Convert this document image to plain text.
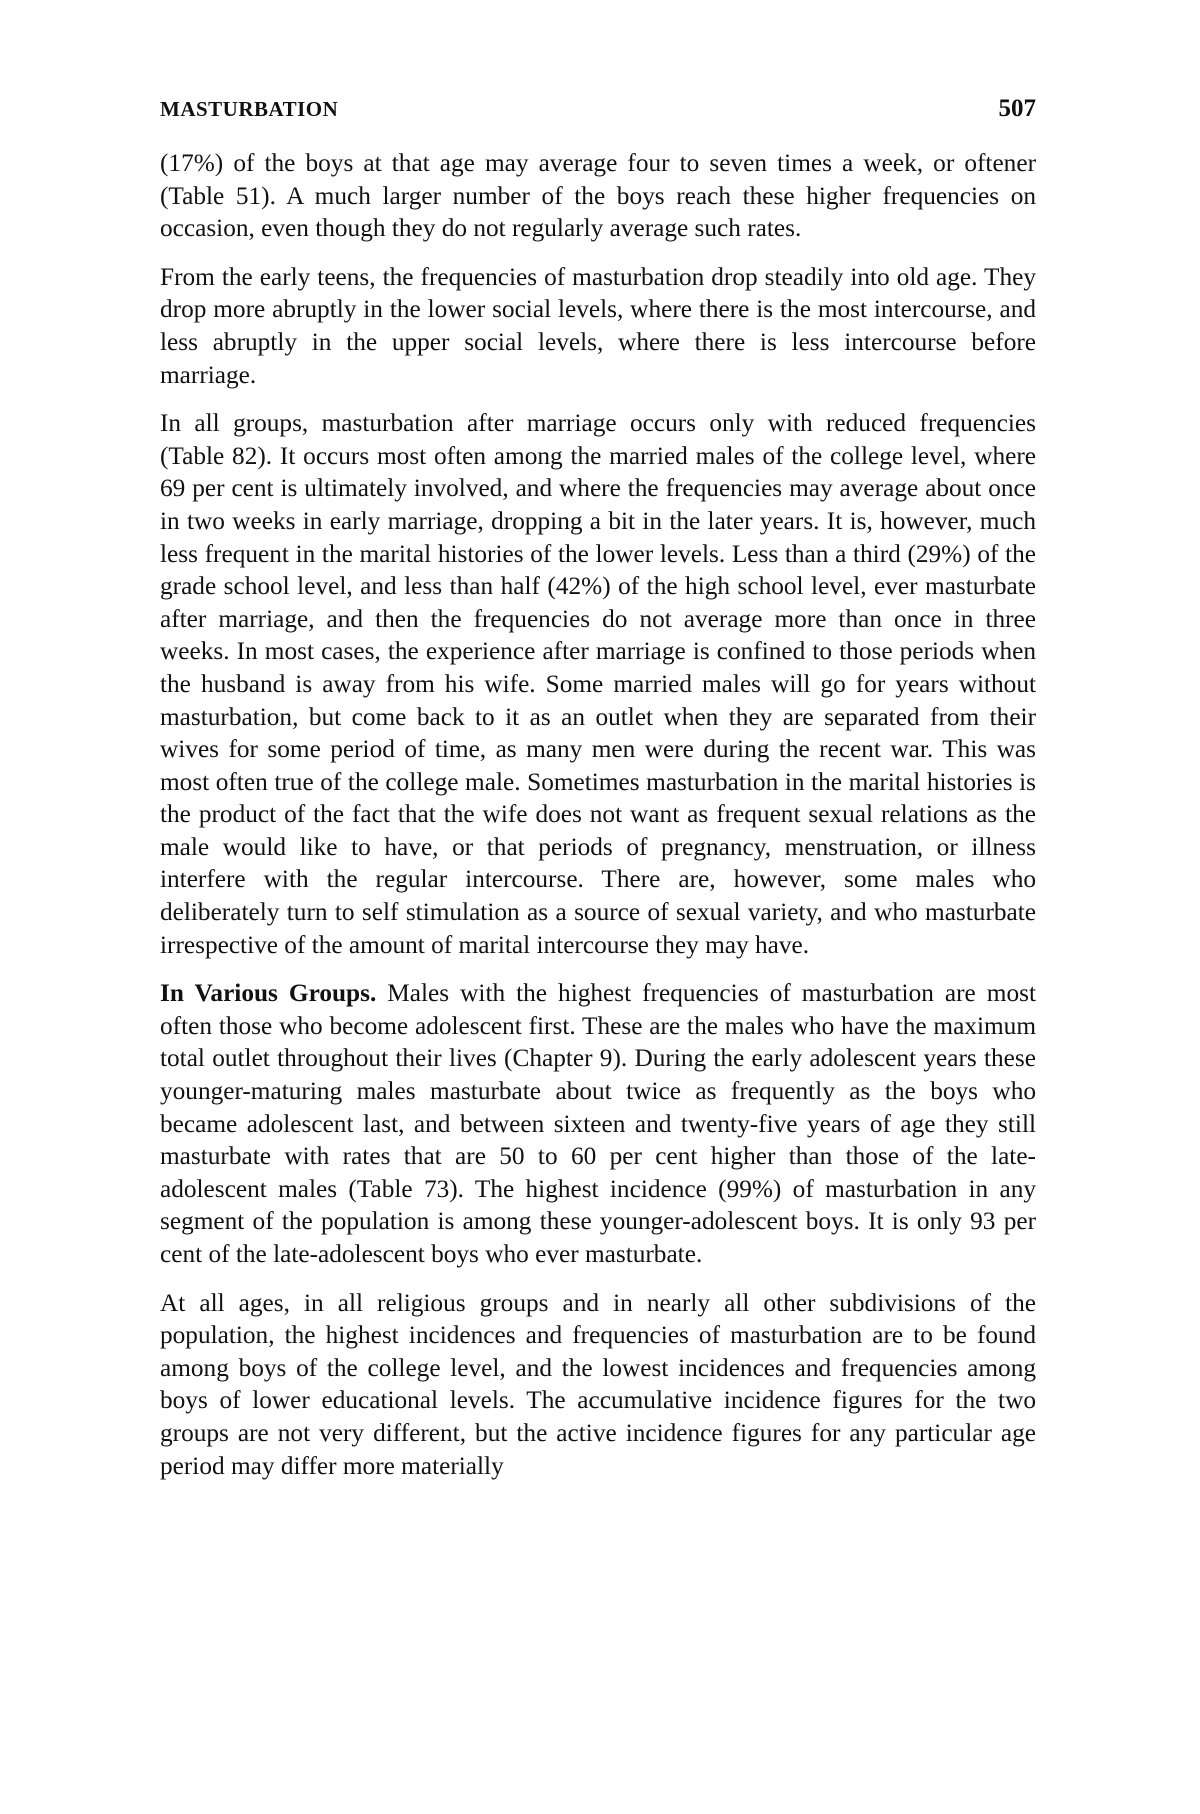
MASTURBATION	507

(17%) of the boys at that age may average four to seven times a week, or oftener (Table 51). A much larger number of the boys reach these higher frequencies on occasion, even though they do not regularly average such rates.

From the early teens, the frequencies of masturbation drop steadily into old age. They drop more abruptly in the lower social levels, where there is the most intercourse, and less abruptly in the upper social levels, where there is less intercourse before marriage.

In all groups, masturbation after marriage occurs only with reduced frequencies (Table 82). It occurs most often among the married males of the college level, where 69 per cent is ultimately involved, and where the frequencies may average about once in two weeks in early marriage, dropping a bit in the later years. It is, however, much less frequent in the marital histories of the lower levels. Less than a third (29%) of the grade school level, and less than half (42%) of the high school level, ever masturbate after marriage, and then the frequencies do not average more than once in three weeks. In most cases, the experience after marriage is confined to those periods when the husband is away from his wife. Some married males will go for years without masturbation, but come back to it as an outlet when they are separated from their wives for some period of time, as many men were during the recent war. This was most often true of the college male. Sometimes masturbation in the marital histories is the product of the fact that the wife does not want as frequent sexual relations as the male would like to have, or that periods of pregnancy, menstruation, or illness interfere with the regular intercourse. There are, however, some males who deliberately turn to self stimulation as a source of sexual variety, and who masturbate irrespective of the amount of marital intercourse they may have.

In Various Groups. Males with the highest frequencies of masturbation are most often those who become adolescent first. These are the males who have the maximum total outlet throughout their lives (Chapter 9). During the early adolescent years these younger-maturing males masturbate about twice as frequently as the boys who became adolescent last, and between sixteen and twenty-five years of age they still masturbate with rates that are 50 to 60 per cent higher than those of the late-adolescent males (Table 73). The highest incidence (99%) of masturbation in any segment of the population is among these younger-adolescent boys. It is only 93 per cent of the late-adolescent boys who ever masturbate.

At all ages, in all religious groups and in nearly all other subdivisions of the population, the highest incidences and frequencies of masturbation are to be found among boys of the college level, and the lowest incidences and frequencies among boys of lower educational levels. The accumulative incidence figures for the two groups are not very different, but the active incidence figures for any particular age period may differ more materially
